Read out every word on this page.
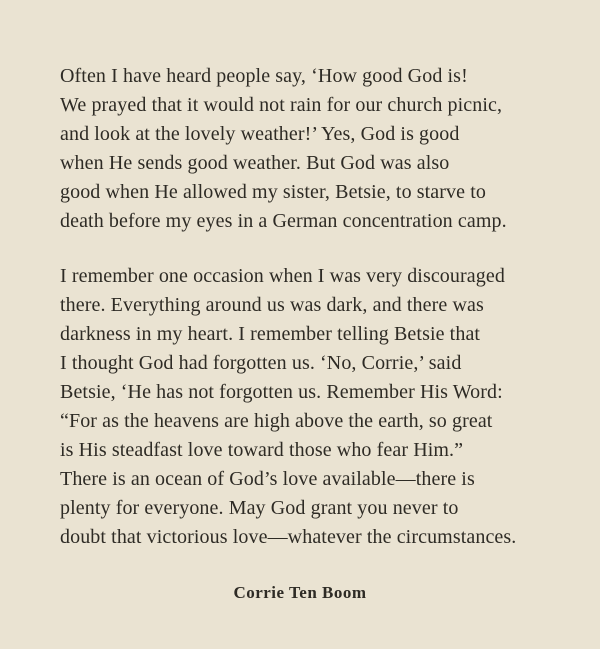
Often I have heard people say, ‘How good God is!
We prayed that it would not rain for our church picnic,
and look at the lovely weather!’ Yes, God is good
when He sends good weather. But God was also
good when He allowed my sister, Betsie, to starve to
death before my eyes in a German concentration camp.

I remember one occasion when I was very discouraged
there. Everything around us was dark, and there was
darkness in my heart. I remember telling Betsie that
I thought God had forgotten us. ‘No, Corrie,’ said
Betsie, ‘He has not forgotten us. Remember His Word:
“For as the heavens are high above the earth, so great
is His steadfast love toward those who fear Him.”
There is an ocean of God’s love available—there is
plenty for everyone. May God grant you never to
doubt that victorious love—whatever the circumstances.

Corrie Ten Boom
